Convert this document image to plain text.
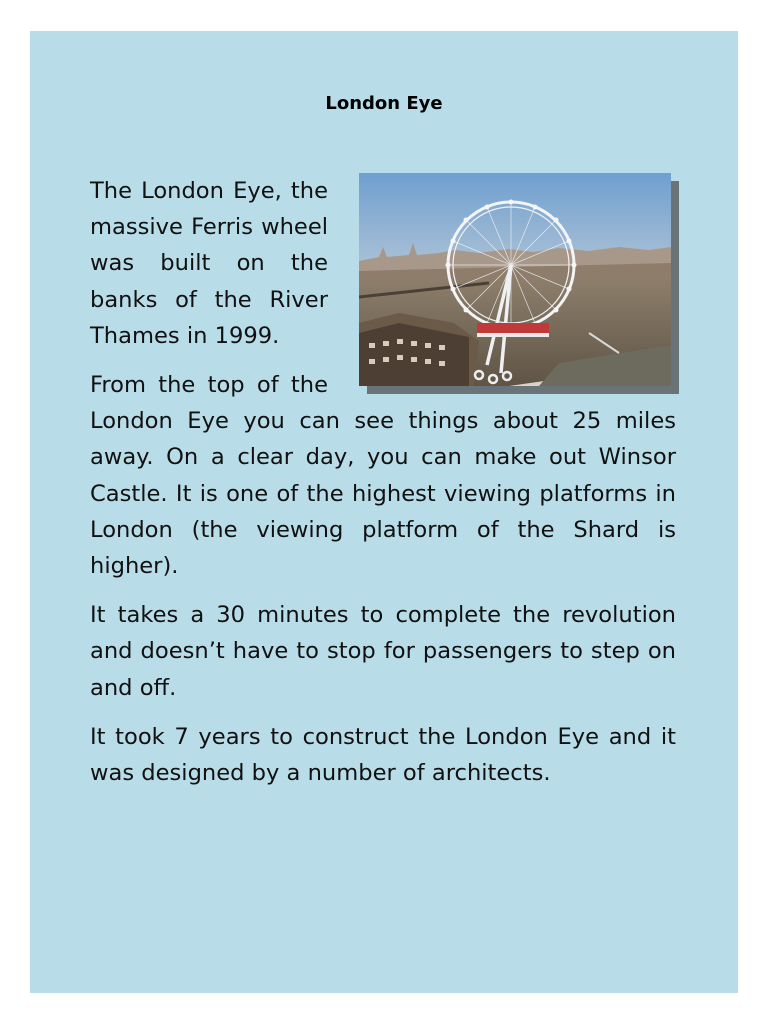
London Eye

The London Eye, the massive Ferris wheel was built on the banks of the River Thames in 1999.

From the top of the London Eye you can see things about 25 miles away. On a clear day, you can make out Winsor Castle. It is one of the highest viewing platforms in London (the viewing platform of the Shard is higher).

It takes a 30 minutes to complete the revolution and doesn’t have to stop for passengers to step on and off.

It took 7 years to construct the London Eye and it was designed by a number of architects.
